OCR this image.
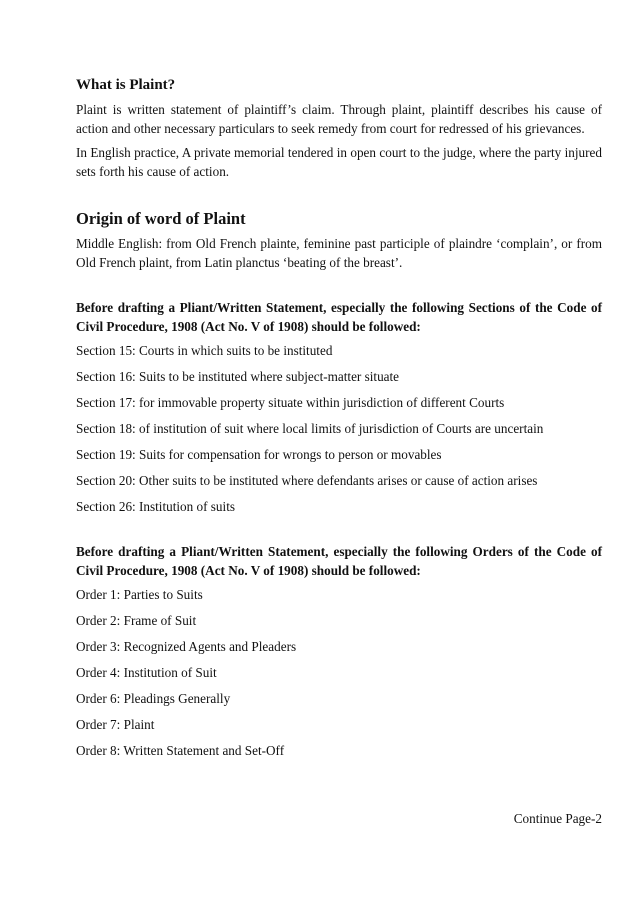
What is Plaint?

Plaint is written statement of plaintiff’s claim. Through plaint, plaintiff describes his cause of action and other necessary particulars to seek remedy from court for redressed of his grievances.

In English practice, A private memorial tendered in open court to the judge, where the party injured sets forth his cause of action.

Origin of word of Plaint

Middle English: from Old French plainte, feminine past participle of plaindre ‘complain’, or from Old French plaint, from Latin planctus ‘beating of the breast’.

Before drafting a Pliant/Written Statement, especially the following Sections of the Code of Civil Procedure, 1908 (Act No. V of 1908) should be followed:

Section 15: Courts in which suits to be instituted

Section 16: Suits to be instituted where subject-matter situate

Section 17: for immovable property situate within jurisdiction of different Courts

Section 18: of institution of suit where local limits of jurisdiction of Courts are uncertain

Section 19: Suits for compensation for wrongs to person or movables

Section 20: Other suits to be instituted where defendants arises or cause of action arises

Section 26: Institution of suits

Before drafting a Pliant/Written Statement, especially the following Orders of the Code of Civil Procedure, 1908 (Act No. V of 1908) should be followed:

Order 1: Parties to Suits

Order 2: Frame of Suit

Order 3: Recognized Agents and Pleaders

Order 4: Institution of Suit

Order 6: Pleadings Generally

Order 7: Plaint

Order 8: Written Statement and Set-Off

Continue Page-2
